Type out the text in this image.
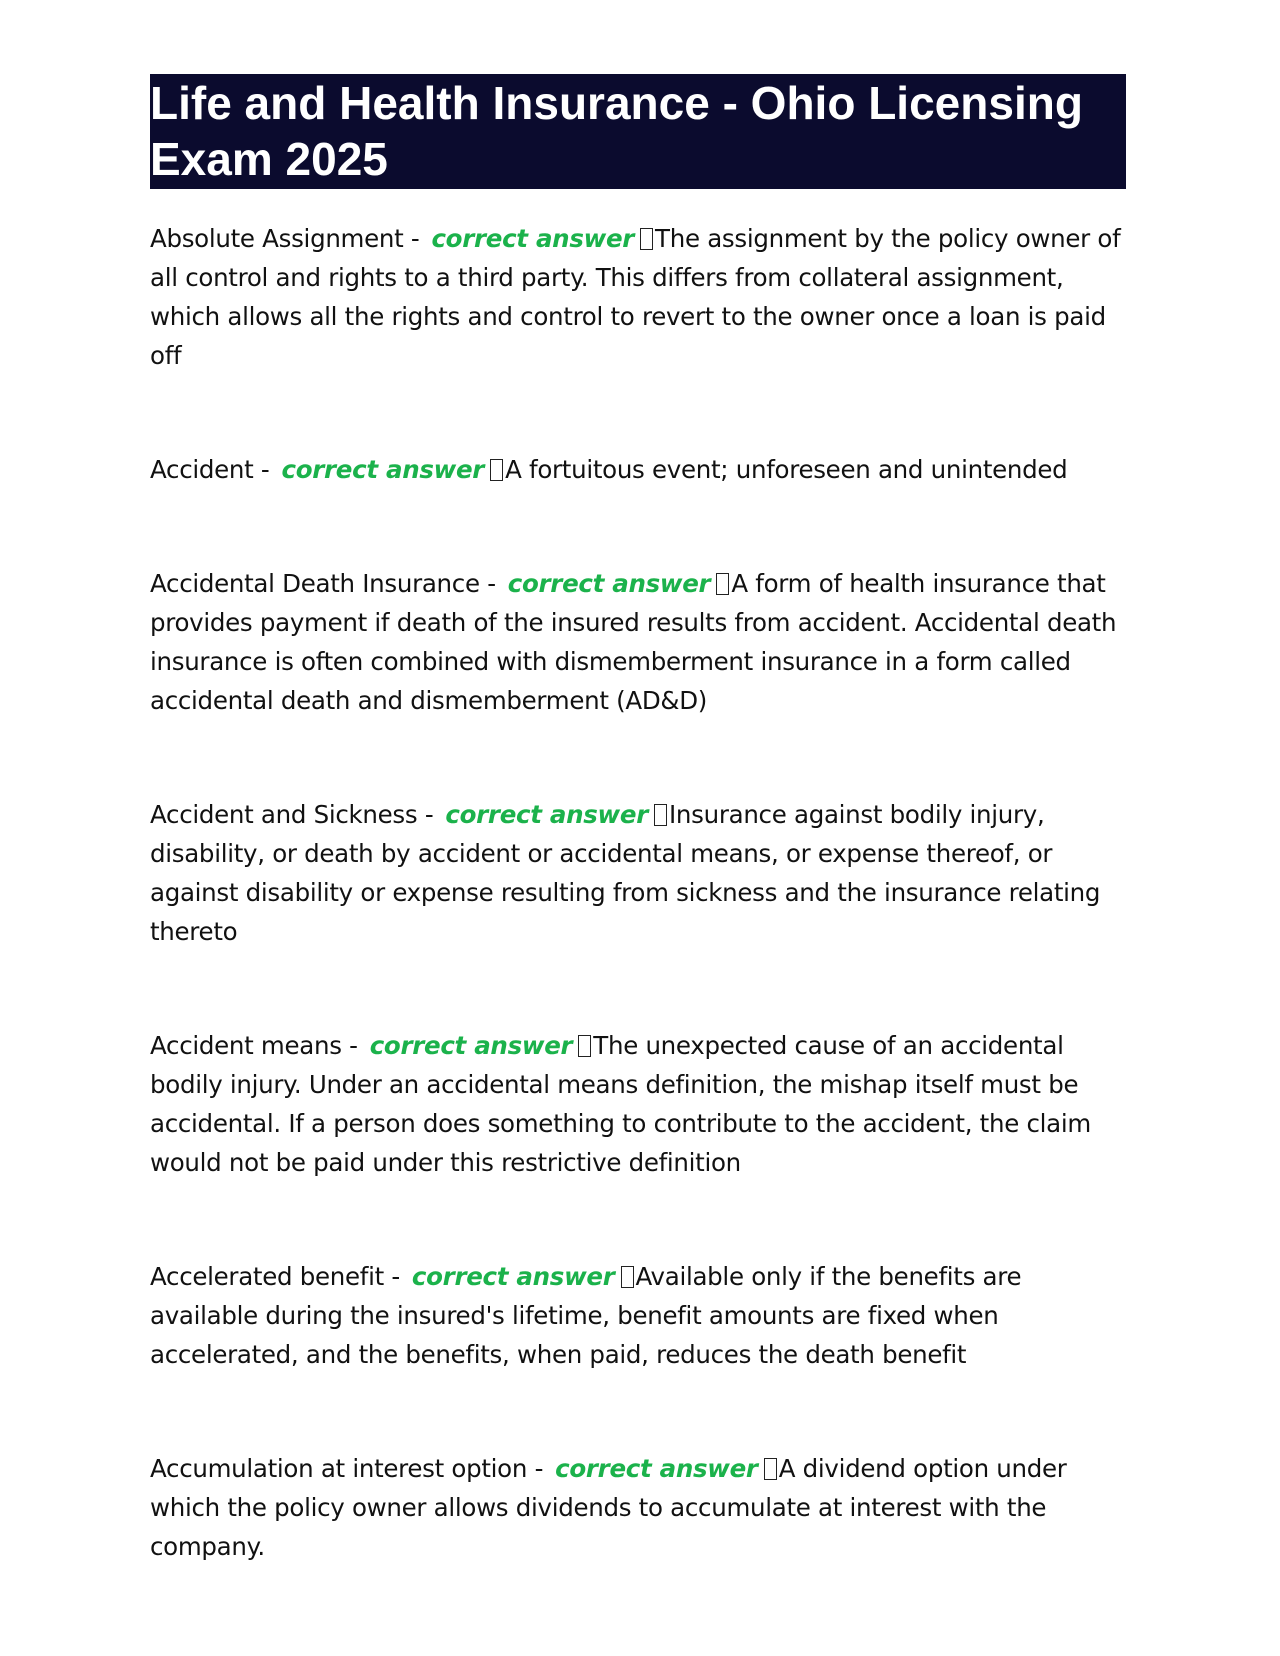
Life and Health Insurance - Ohio Licensing Exam 2025

Absolute Assignment - correct answer The assignment by the policy owner of all control and rights to a third party. This differs from collateral assignment, which allows all the rights and control to revert to the owner once a loan is paid off

Accident - correct answer A fortuitous event; unforeseen and unintended

Accidental Death Insurance - correct answer A form of health insurance that provides payment if death of the insured results from accident. Accidental death insurance is often combined with dismemberment insurance in a form called accidental death and dismemberment (AD&D)

Accident and Sickness - correct answer Insurance against bodily injury, disability, or death by accident or accidental means, or expense thereof, or against disability or expense resulting from sickness and the insurance relating thereto

Accident means - correct answer The unexpected cause of an accidental bodily injury. Under an accidental means definition, the mishap itself must be accidental. If a person does something to contribute to the accident, the claim would not be paid under this restrictive definition

Accelerated benefit - correct answer Available only if the benefits are available during the insured's lifetime, benefit amounts are fixed when accelerated, and the benefits, when paid, reduces the death benefit

Accumulation at interest option - correct answer A dividend option under which the policy owner allows dividends to accumulate at interest with the company.
